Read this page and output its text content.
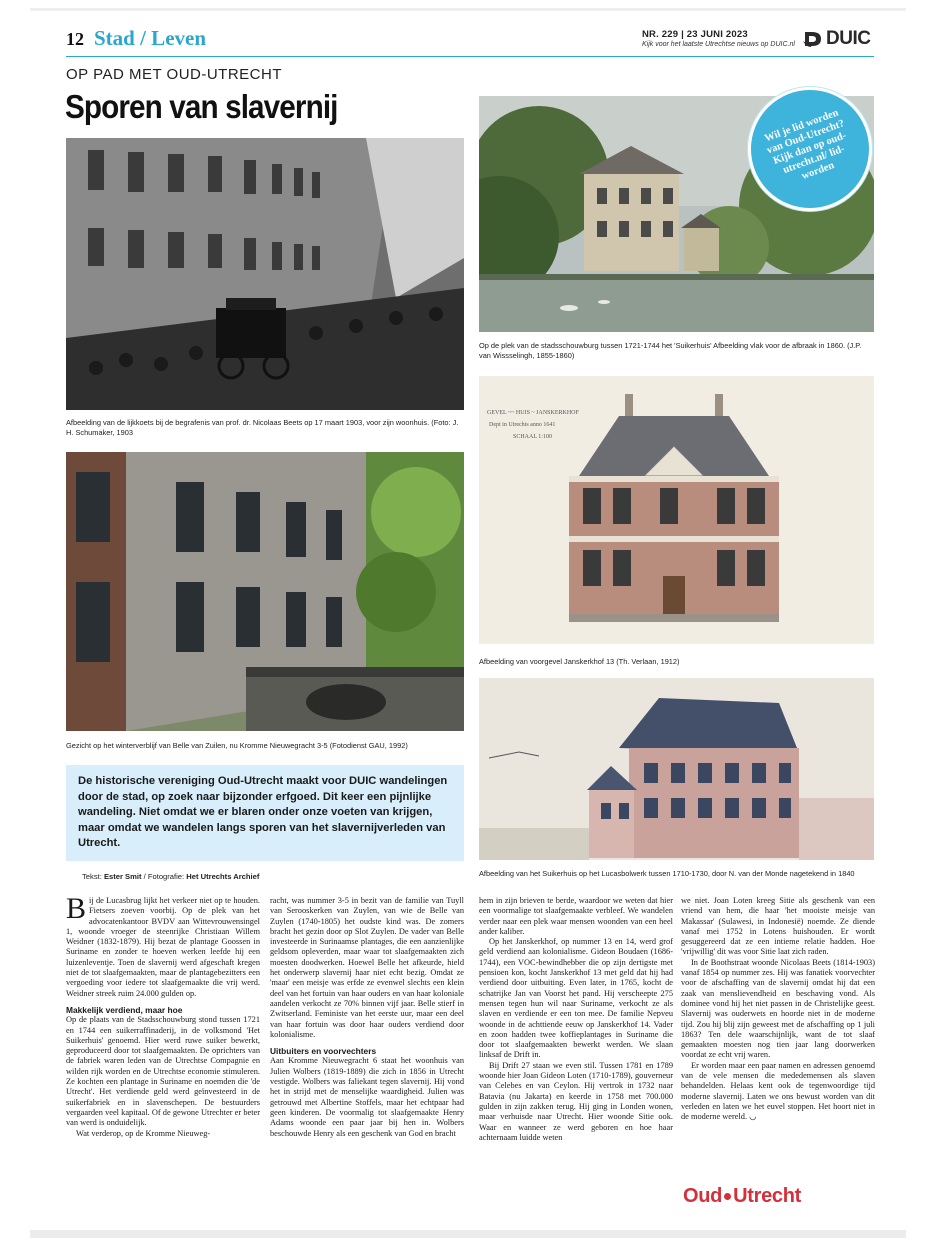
12 Stad / Leven	NR. 229 | 23 JUNI 2023
Kijk voor het laatste Utrechtse nieuws op DUIC.nl DUIC
OP PAD MET OUD-UTRECHT
Sporen van slavernij
Afbeelding van de lijkkoets bij de begrafenis van prof. dr. Nicolaas Beets op 17 maart 1903, voor zijn woonhuis. (Foto: J. H. Schumaker, 1903
Gezicht op het winterverblijf van Belle van Zuilen, nu Kromme Nieuwegracht 3-5 (Fotodienst GAU, 1992)
Op de plek van de stadsschouwburg tussen 1721-1744 het 'Suikerhuis' Afbeelding vlak voor de afbraak in 1860. (J.P. van Wissselingh, 1855-1860)
Wil je lid worden van Oud-Utrecht? Kijk dan op oud-utrecht.nl/ lid-worden
GEVEL ~~ HUIS ~ JANSKERKHOF
Dept in Utrechts anno 1641
SCHAAL 1:100
Afbeelding van voorgevel Janskerkhof 13 (Th. Verlaan, 1912)
Afbeelding van het Suikerhuis op het Lucasbolwerk tussen 1710-1730, door N. van der Monde nagetekend in 1840

De historische vereniging Oud-Utrecht maakt voor DUIC wandelingen door de stad, op zoek naar bijzonder erfgoed. Dit keer een pijnlijke wandeling. Niet omdat we er blaren onder onze voeten van krijgen, maar omdat we wandelen langs sporen van het slavernijverleden van Utrecht.

Tekst: Ester Smit / Fotografie: Het Utrechts Archief

Bij de Lucasbrug lijkt het verkeer niet op te houden. Fietsers zoeven voorbij. Op de plek van het advocatenkantoor BVDV aan Wittevrouwensingel 1, woonde vroeger de steenrijke Christiaan Willem Weidner (1832-1879). Hij bezat de plantage Goossen in Suriname en zonder te hoeven werken leefde hij een luizenleventje. Toen de slavernij werd afgeschaft kregen niet de tot slaafgemaakten, maar de plantagebezitters een vergoeding voor iedere tot slaafgemaakte die vrij werd. Weidner streek ruim 24.000 gulden op.

Makkelijk verdiend, maar hoe

Op de plaats van de Stadsschouwburg stond tussen 1721 en 1744 een suikerraffinaderij, in de volksmond 'Het Suikerhuis' genoemd. Hier werd ruwe suiker bewerkt, geproduceerd door tot slaafgemaakten. De oprichters van de fabriek waren leden van de Utrechtse Compagnie en wilden rijk worden en de Utrechtse economie stimuleren. Ze kochten een plantage in Suriname en noemden die 'de Utrecht'. Het verdiende geld werd geïnvesteerd in de suikerfabriek en in slavenschepen. De bestuurders vergaarden veel kapitaal. Of de gewone Utrechter er beter van werd is onduidelijk.

Wat verderop, op de Kromme Nieuweg-

racht, was nummer 3-5 in bezit van de familie van Tuyll van Serooskerken van Zuylen, van wie de Belle van Zuylen (1740-1805) het oudste kind was. De zomers bracht het gezin door op Slot Zuylen. De vader van Belle investeerde in Surinaamse plantages, die een aanzienlijke geldsom opleverden, maar waar tot slaafgemaakten zich moesten doodwerken. Hoewel Belle het afkeurde, hield het onderwerp slavernij haar niet echt bezig. Omdat ze 'maar' een meisje was erfde ze evenwel slechts een klein deel van het fortuin van haar ouders en van haar koloniale aandelen verkocht ze 70% binnen vijf jaar. Belle stierf in Zwitserland. Feministe van het eerste uur, maar een deel van haar fortuin was door haar ouders verdiend door kolonialisme.

Uitbuiters en voorvechters

Aan Kromme Nieuwegracht 6 staat het woonhuis van Julien Wolbers (1819-1889) die zich in 1856 in Utrecht vestigde. Wolbers was faliekant tegen slavernij. Hij vond het in strijd met de menselijke waardigheid. Julien was getrouwd met Albertine Stoffels, maar het echtpaar had geen kinderen. De voormalig tot slaafgemaakte Henry Adams woonde een paar jaar bij hen in. Wolbers beschouwde Henry als een geschenk van God en bracht

hem in zijn brieven te berde, waardoor we weten dat hier een voormalige tot slaafgemaakte verbleef. We wandelen verder naar een plek waar mensen woonden van een heel ander kaliber.

Op het Janskerkhof, op nummer 13 en 14, werd grof geld verdiend aan kolonialisme. Gideon Boudaen (1686-1744), een VOC-bewindhebber die op zijn dertigste met pensioen kon, kocht Janskerkhof 13 met geld dat hij had verdiend door uitbuiting. Even later, in 1765, kocht de schatrijke Jan van Voorst het pand. Hij verscheepte 275 mensen tegen hun wil naar Suriname, verkocht ze als slaven en verdiende er een ton mee. De familie Nepveu woonde in de achttiende eeuw op Janskerkhof 14. Vader en zoon hadden twee koffieplantages in Suriname die door tot slaafgemaakten bewerkt werden. We slaan linksaf de Drift in.

Bij Drift 27 staan we even stil. Tussen 1781 en 1789 woonde hier Joan Gideon Loten (1710-1789), gouverneur van Celebes en van Ceylon. Hij vertrok in 1732 naar Batavia (nu Jakarta) en keerde in 1758 met 700.000 gulden in zijn zakken terug. Hij ging in Londen wonen, maar verhuisde naar Utrecht. Hier woonde Sitie ook. Waar en wanneer ze werd geboren en hoe haar achternaam luidde weten

we niet. Joan Loten kreeg Sitie als geschenk van een vriend van hem, die haar 'het mooiste meisje van Makassar' (Sulawesi, in Indonesië) noemde. Ze diende vanaf mei 1752 in Lotens huishouden. Er wordt gesuggereerd dat ze een intieme relatie hadden. Hoe 'vrijwillig' dit was voor Sitie laat zich raden.

In de Boothstraat woonde Nicolaas Beets (1814-1903) vanaf 1854 op nummer zes. Hij was fanatiek voorvechter voor de afschaffing van de slavernij omdat hij dat een zaak van menslievendheid en beschaving vond. Als dominee vond hij het niet passen in de Christelijke geest. Slavernij was ouderwets en hoorde niet in de moderne tijd. Zou hij blij zijn geweest met de afschaffing op 1 juli 1863? Ten dele waarschijnlijk, want de tot slaaf gemaakten moesten nog tien jaar lang doorwerken voordat ze echt vrij waren.

Er worden maar een paar namen en adressen genoemd van de vele mensen die mededemensen als slaven behandelden. Helaas kent ook de tegenwoordige tijd moderne slavernij. Laten we ons bewust worden van dit verleden en laten we het euvel stoppen. Het hoort niet in de moderne wereld. ◡

Oud Utrecht
